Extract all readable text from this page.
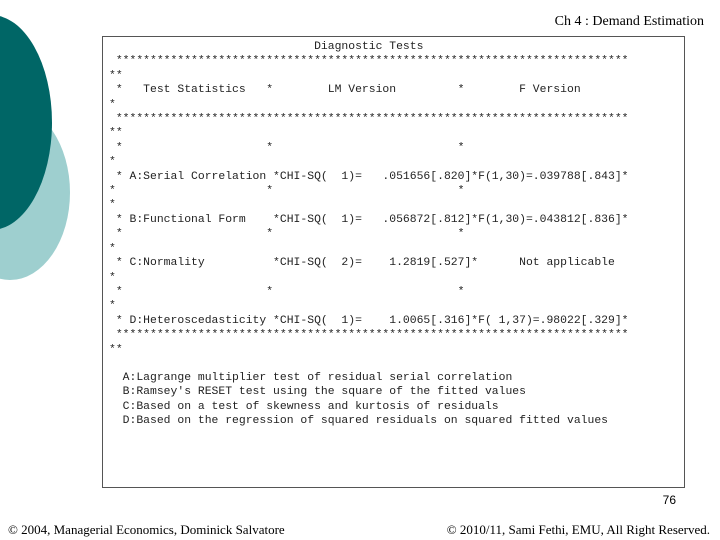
Ch 4 : Demand Estimation
Diagnostic Tests
***************************************************************************
**
*   Test Statistics   *        LM Version         *        F Version
*
***************************************************************************
**
*                     *                           *
*
* A:Serial Correlation *CHI-SQ(  1)=   .051656[.820]*F(1,30)=.039788[.843]*
*                      *                           *
*
* B:Functional Form    *CHI-SQ(  1)=   .056872[.812]*F(1,30)=.043812[.836]*
*                     *                           *
*
* C:Normality          *CHI-SQ(  2)=    1.2819[.527]*      Not applicable
*
*                     *                           *
*
* D:Heteroscedasticity *CHI-SQ(  1)=    1.0065[.316]*F( 1,37)=.98022[.329]*
***************************************************************************
**

A:Lagrange multiplier test of residual serial correlation
B:Ramsey's RESET test using the square of the fitted values
C:Based on a test of skewness and kurtosis of residuals
D:Based on the regression of squared residuals on squared fitted values

76
© 2004, Managerial Economics, Dominick Salvatore	© 2010/11, Sami Fethi, EMU, All Right Reserved.
